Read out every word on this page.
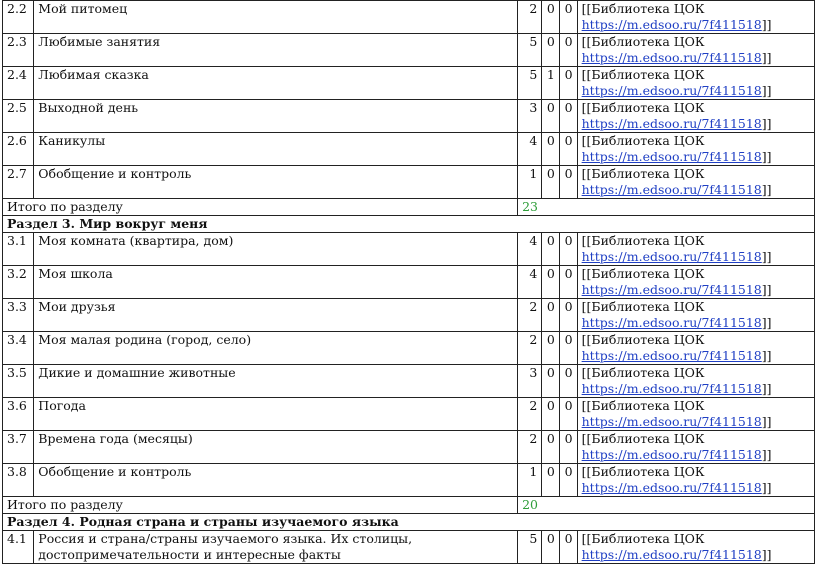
2.2	Мой питомец	2	0	0	[[Библиотека ЦОК
https://m.edsoo.ru/7f411518]]

2.3	Любимые занятия	5	0	0	[[Библиотека ЦОК
https://m.edsoo.ru/7f411518]]

2.4	Любимая сказка	5	1	0	[[Библиотека ЦОК
https://m.edsoo.ru/7f411518]]

2.5	Выходной день	3	0	0	[[Библиотека ЦОК
https://m.edsoo.ru/7f411518]]

2.6	Каникулы	4	0	0	[[Библиотека ЦОК
https://m.edsoo.ru/7f411518]]

2.7	Обобщение и контроль	1	0	0	[[Библиотека ЦОК
https://m.edsoo.ru/7f411518]]

Итого по разделу		23			
Раздел 3. Мир вокруг меня					
3.1	Моя комната (квартира, дом)	4	0	0	[[Библиотека ЦОК
https://m.edsoo.ru/7f411518]]

3.2	Моя школа	4	0	0	[[Библиотека ЦОК
https://m.edsoo.ru/7f411518]]

3.3	Мои друзья	2	0	0	[[Библиотека ЦОК
https://m.edsoo.ru/7f411518]]

3.4	Моя малая родина (город, село)	2	0	0	[[Библиотека ЦОК
https://m.edsoo.ru/7f411518]]

3.5	Дикие и домашние животные	3	0	0	[[Библиотека ЦОК
https://m.edsoo.ru/7f411518]]

3.6	Погода	2	0	0	[[Библиотека ЦОК
https://m.edsoo.ru/7f411518]]

3.7	Времена года (месяцы)	2	0	0	[[Библиотека ЦОК
https://m.edsoo.ru/7f411518]]

3.8	Обобщение и контроль	1	0	0	[[Библиотека ЦОК
https://m.edsoo.ru/7f411518]]

Итого по разделу		20			
Раздел 4. Родная страна и страны изучаемого языка					
4.1	Россия и страна/страны изучаемого языка. Их столицы, достопримечательности и интересные факты	5	0	0	[[Библиотека ЦОК
https://m.edsoo.ru/7f411518]]
